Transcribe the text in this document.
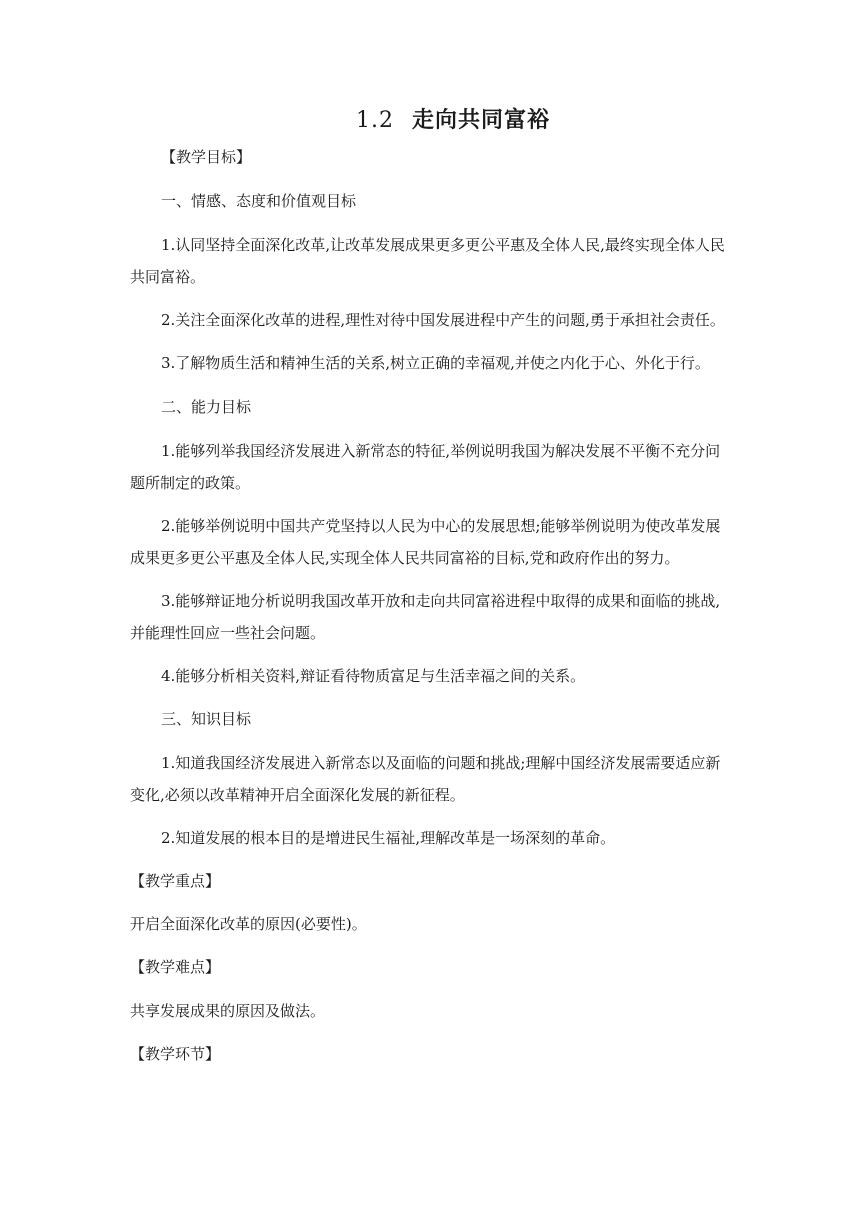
1.2 走向共同富裕

【教学目标】

一、情感、态度和价值观目标

1.认同坚持全面深化改革,让改革发展成果更多更公平惠及全体人民,最终实现全体人民

共同富裕。

2.关注全面深化改革的进程,理性对待中国发展进程中产生的问题,勇于承担社会责任。

3.了解物质生活和精神生活的关系,树立正确的幸福观,并使之内化于心、外化于行。

二、能力目标

1.能够列举我国经济发展进入新常态的特征,举例说明我国为解决发展不平衡不充分问

题所制定的政策。

2.能够举例说明中国共产党坚持以人民为中心的发展思想;能够举例说明为使改革发展

成果更多更公平惠及全体人民,实现全体人民共同富裕的目标,党和政府作出的努力。

3.能够辩证地分析说明我国改革开放和走向共同富裕进程中取得的成果和面临的挑战,

并能理性回应一些社会问题。

4.能够分析相关资料,辩证看待物质富足与生活幸福之间的关系。

三、知识目标

1.知道我国经济发展进入新常态以及面临的问题和挑战;理解中国经济发展需要适应新

变化,必须以改革精神开启全面深化发展的新征程。

2.知道发展的根本目的是增进民生福祉,理解改革是一场深刻的革命。

【教学重点】

开启全面深化改革的原因(必要性)。

【教学难点】

共享发展成果的原因及做法。

【教学环节】
